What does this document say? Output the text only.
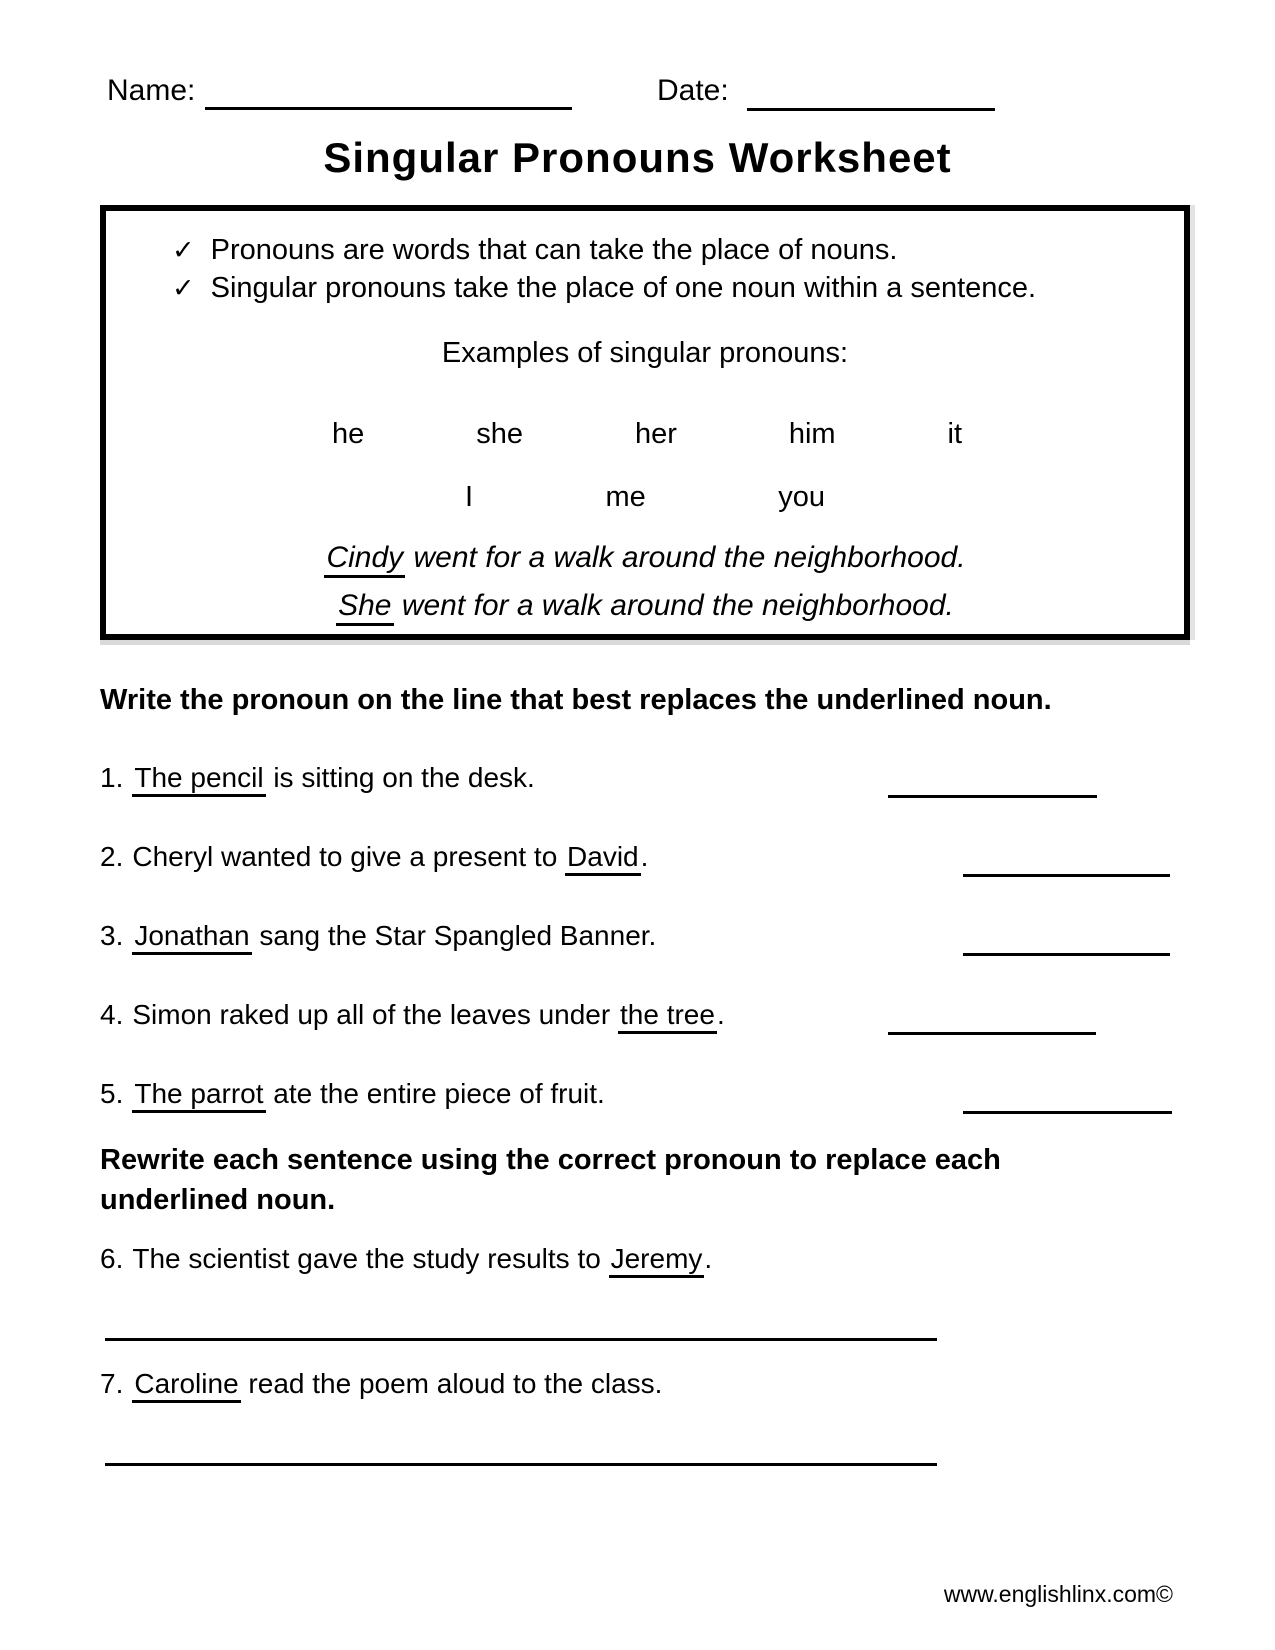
Name:	Date:
Singular Pronouns Worksheet
✓ Pronouns are words that can take the place of nouns.
✓ Singular pronouns take the place of one noun within a sentence.
Examples of singular pronouns:
he	she	her	him	it
I	me	you
Cindy went for a walk around the neighborhood.
She went for a walk around the neighborhood.
Write the pronoun on the line that best replaces the underlined noun.
1. The pencil is sitting on the desk.
2. Cheryl wanted to give a present to David.
3. Jonathan sang the Star Spangled Banner.
4. Simon raked up all of the leaves under the tree.
5. The parrot ate the entire piece of fruit.
Rewrite each sentence using the correct pronoun to replace each
underlined noun.
6. The scientist gave the study results to Jeremy.
7. Caroline read the poem aloud to the class.
www.englishlinx.com©
